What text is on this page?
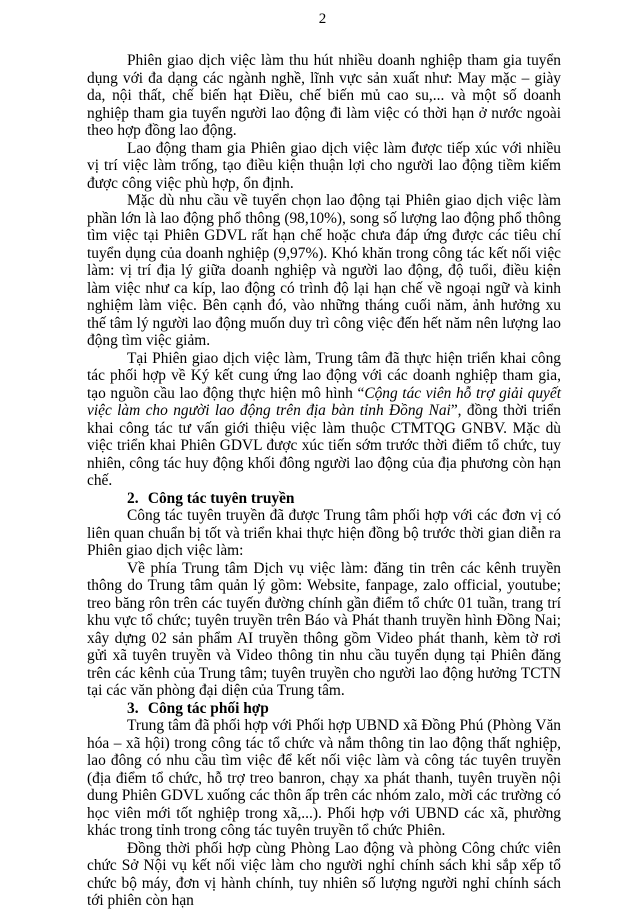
2

Phiên giao dịch việc làm thu hút nhiều doanh nghiệp tham gia tuyển dụng với đa dạng các ngành nghề, lĩnh vực sản xuất như: May mặc – giày da, nội thất, chế biến hạt Điều, chế biến mủ cao su,... và một số doanh nghiệp tham gia tuyển người lao động đi làm việc có thời hạn ở nước ngoài theo hợp đồng lao động.

Lao động tham gia Phiên giao dịch việc làm được tiếp xúc với nhiều vị trí việc làm trống, tạo điều kiện thuận lợi cho người lao động tiềm kiếm được công việc phù hợp, ổn định.

Mặc dù nhu cầu về tuyển chọn lao động tại Phiên giao dịch việc làm phần lớn là lao động phổ thông (98,10%), song số lượng lao động phổ thông tìm việc tại Phiên GDVL rất hạn chế hoặc chưa đáp ứng được các tiêu chí tuyển dụng của doanh nghiệp (9,97%). Khó khăn trong công tác kết nối việc làm: vị trí địa lý giữa doanh nghiệp và người lao động, độ tuổi, điều kiện làm việc như ca kíp, lao động có trình độ lại hạn chế về ngoại ngữ và kinh nghiệm làm việc. Bên cạnh đó, vào những tháng cuối năm, ảnh hưởng xu thế tâm lý người lao động muốn duy trì công việc đến hết năm nên lượng lao động tìm việc giảm.

Tại Phiên giao dịch việc làm, Trung tâm đã thực hiện triển khai công tác phối hợp về Ký kết cung ứng lao động với các doanh nghiệp tham gia, tạo nguồn cầu lao động thực hiện mô hình “Cộng tác viên hỗ trợ giải quyết việc làm cho người lao động trên địa bàn tỉnh Đồng Nai”, đồng thời triển khai công tác tư vấn giới thiệu việc làm thuộc CTMTQG GNBV. Mặc dù việc triển khai Phiên GDVL được xúc tiến sớm trước thời điểm tổ chức, tuy nhiên, công tác huy động khối đông người lao động của địa phương còn hạn chế.

2. Công tác tuyên truyền

Công tác tuyên truyền đã được Trung tâm phối hợp với các đơn vị có liên quan chuẩn bị tốt và triển khai thực hiện đồng bộ trước thời gian diễn ra Phiên giao dịch việc làm:

Về phía Trung tâm Dịch vụ việc làm: đăng tin trên các kênh truyền thông do Trung tâm quản lý gồm: Website, fanpage, zalo official, youtube; treo băng rôn trên các tuyến đường chính gần điểm tổ chức 01 tuần, trang trí khu vực tổ chức; tuyên truyền trên Báo và Phát thanh truyền hình Đồng Nai; xây dựng 02 sản phẩm AI truyền thông gồm Video phát thanh, kèm tờ rơi gửi xã tuyên truyền và Video thông tin nhu cầu tuyển dụng tại Phiên đăng trên các kênh của Trung tâm; tuyên truyền cho người lao động hưởng TCTN tại các văn phòng đại diện của Trung tâm.

3. Công tác phối hợp

Trung tâm đã phối hợp với Phối hợp UBND xã Đồng Phú (Phòng Văn hóa – xã hội) trong công tác tổ chức và nắm thông tin lao động thất nghiệp, lao đông có nhu cầu tìm việc để kết nối việc làm và công tác tuyên truyền (địa điểm tổ chức, hỗ trợ treo banron, chạy xa phát thanh, tuyên truyền nội dung Phiên GDVL xuống các thôn ấp trên các nhóm zalo, mời các trường có học viên mới tốt nghiệp trong xã,...). Phối hợp với UBND các xã, phường khác trong tỉnh trong công tác tuyên truyền tổ chức Phiên.

Đồng thời phối hợp cùng Phòng Lao động và phòng Công chức viên chức Sở Nội vụ kết nối việc làm cho người nghỉ chính sách khi sắp xếp tổ chức bộ máy, đơn vị hành chính, tuy nhiên số lượng người nghỉ chính sách tới phiên còn hạn
